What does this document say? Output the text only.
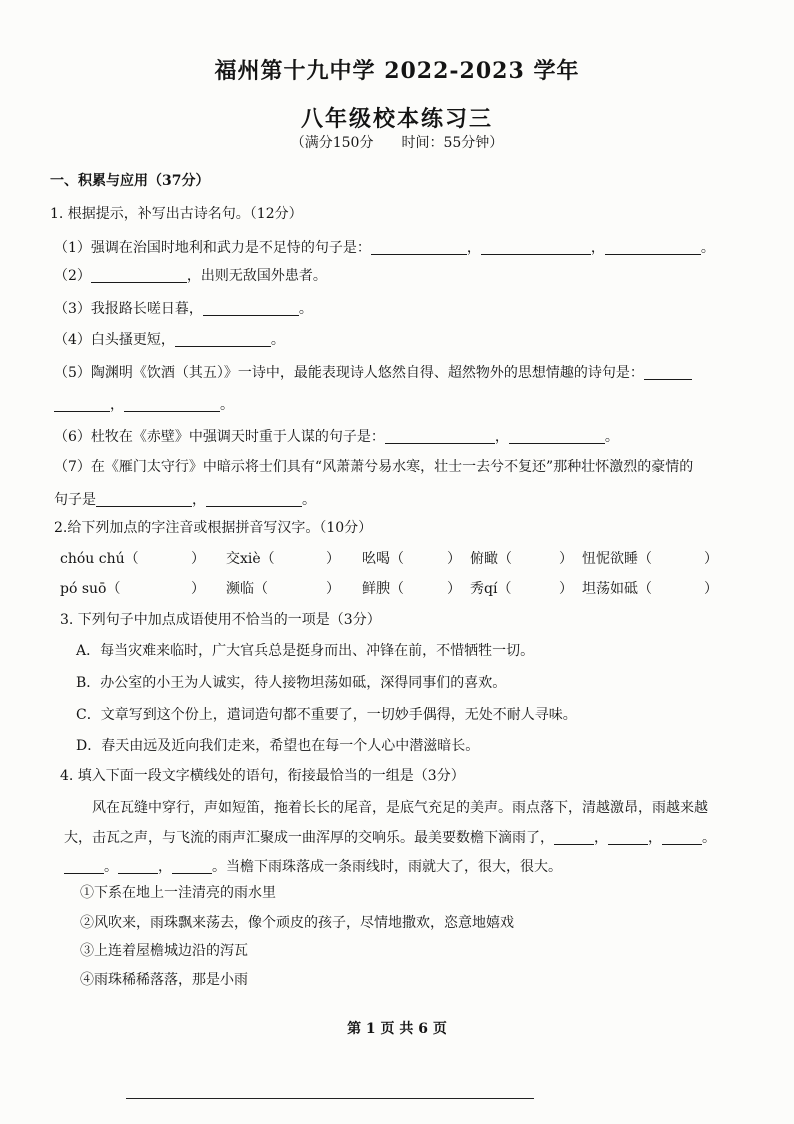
福州第十九中学 2022-2023 学年
八年级校本练习三
（满分150分　　时间：55分钟）
一、积累与应用（37分）
1. 根据提示，补写出古诗名句。（12分）
（1）强调在治国时地利和武力是不足恃的句子是：	，	，	。
（2）	，出则无敌国外患者。
（3）我报路长嗟日暮，	。
（4）白头搔更短，	。
（5）陶渊明《饮酒（其五）》一诗中，最能表现诗人悠然自得、超然物外的思想情趣的诗句是：
，	。
（6）杜牧在《赤壁》中强调天时重于人谋的句子是：	，	。
（7）在《雁门太守行》中暗示将士们具有“风萧萧兮易水寒，壮士一去兮不复还”那种壮怀激烈的豪情的
句子是	，	。
2.给下列加点的字注音或根据拼音写汉字。（10分）
chóu chú（	） 交xiè（	） 吆喝（	） 俯瞰（	） 忸怩欲睡（	）
pó suō（	） 濒临（	） 鲜腴（	） 秀qí（	） 坦荡如砥（	）
3. 下列句子中加点成语使用不恰当的一项是（3分）
A．每当灾难来临时，广大官兵总是挺身而出、冲锋在前，不惜牺牲一切。
B．办公室的小王为人诚实，待人接物坦荡如砥，深得同事们的喜欢。
C．文章写到这个份上，遣词造句都不重要了，一切妙手偶得，无处不耐人寻味。
D．春天由远及近向我们走来，希望也在每一个人心中潜滋暗长。
4. 填入下面一段文字横线处的语句，衔接最恰当的一组是（3分）
风在瓦缝中穿行，声如短笛，拖着长长的尾音，是底气充足的美声。雨点落下，清越激昂，雨越来越
大，击瓦之声，与飞流的雨声汇聚成一曲浑厚的交响乐。最美要数檐下滴雨了，	，	，	。
。	，	。当檐下雨珠落成一条雨线时，雨就大了，很大，很大。
①下系在地上一洼清亮的雨水里
②风吹来，雨珠飘来荡去，像个顽皮的孩子，尽情地撒欢，恣意地嬉戏
③上连着屋檐城边沿的泻瓦
④雨珠稀稀落落，那是小雨
第 1 页 共 6 页
